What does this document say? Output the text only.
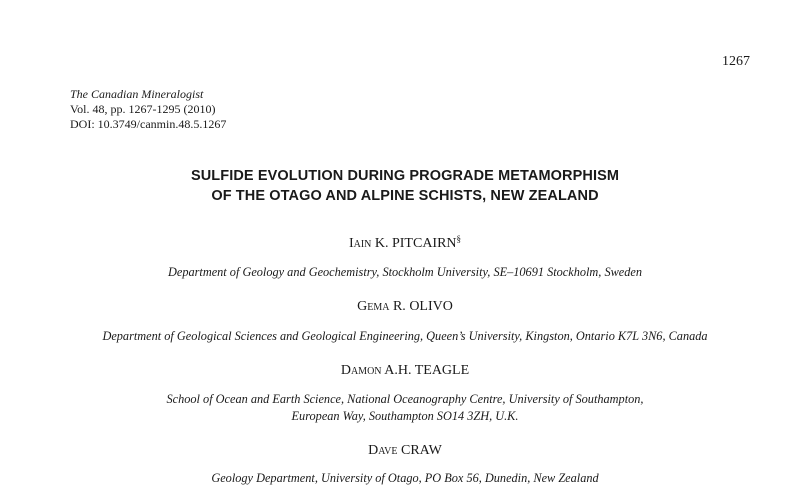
1267
The Canadian Mineralogist
Vol. 48, pp. 1267-1295 (2010)
DOI: 10.3749/canmin.48.5.1267
SULFIDE EVOLUTION DURING PROGRADE METAMORPHISM
OF THE OTAGO AND ALPINE SCHISTS, NEW ZEALAND
Iain K. PITCAIRN§
Department of Geology and Geochemistry, Stockholm University, SE–10691 Stockholm, Sweden
Gema R. OLIVO
Department of Geological Sciences and Geological Engineering, Queen’s University, Kingston, Ontario K7L 3N6, Canada
Damon A.H. TEAGLE
School of Ocean and Earth Science, National Oceanography Centre, University of Southampton,
European Way, Southampton SO14 3ZH, U.K.
Dave CRAW
Geology Department, University of Otago, PO Box 56, Dunedin, New Zealand
